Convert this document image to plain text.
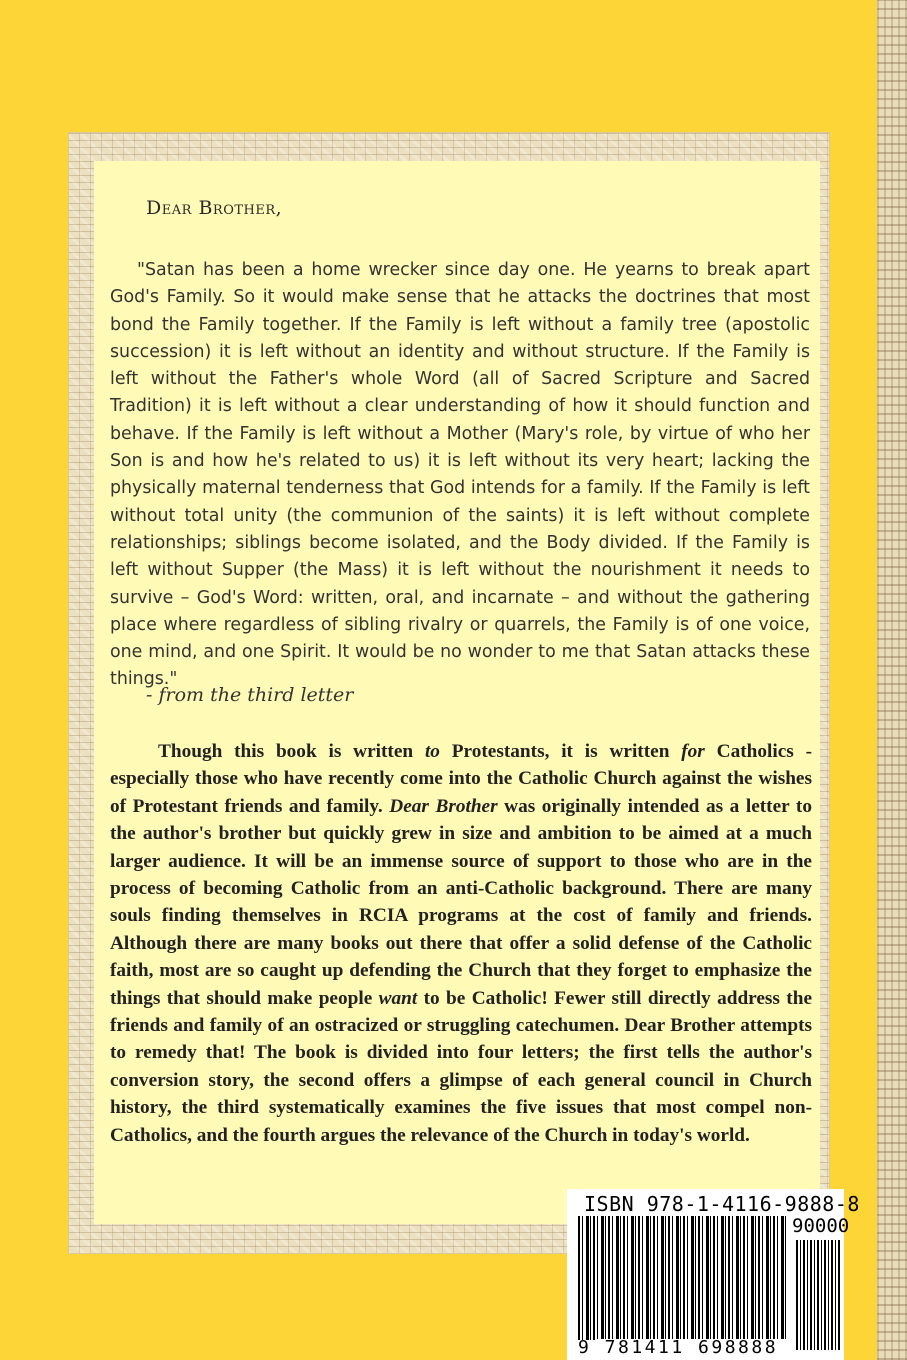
Dear Brother,

"Satan has been a home wrecker since day one. He yearns to break apart God's Family. So it would make sense that he attacks the doctrines that most bond the Family together. If the Family is left without a family tree (apostolic succession) it is left without an identity and without structure. If the Family is left without the Father's whole Word (all of Sacred Scripture and Sacred Tradition) it is left without a clear understanding of how it should function and behave. If the Family is left without a Mother (Mary's role, by virtue of who her Son is and how he's related to us) it is left without its very heart; lacking the physically maternal tenderness that God intends for a family. If the Family is left without total unity (the communion of the saints) it is left without complete relationships; siblings become isolated, and the Body divided. If the Family is left without Supper (the Mass) it is left without the nourishment it needs to survive – God's Word: written, oral, and incarnate – and without the gathering place where regardless of sibling rivalry or quarrels, the Family is of one voice, one mind, and one Spirit. It would be no wonder to me that Satan attacks these things."

- from the third letter

Though this book is written to Protestants, it is written for Catholics - especially those who have recently come into the Catholic Church against the wishes of Protestant friends and family. Dear Brother was originally intended as a letter to the author's brother but quickly grew in size and ambition to be aimed at a much larger audience. It will be an immense source of support to those who are in the process of becoming Catholic from an anti-Catholic background. There are many souls finding themselves in RCIA programs at the cost of family and friends. Although there are many books out there that offer a solid defense of the Catholic faith, most are so caught up defending the Church that they forget to emphasize the things that should make people want to be Catholic! Fewer still directly address the friends and family of an ostracized or struggling catechumen. Dear Brother attempts to remedy that! The book is divided into four letters; the first tells the author's conversion story, the second offers a glimpse of each general council in Church history, the third systematically examines the five issues that most compel non-Catholics, and the fourth argues the relevance of the Church in today's world.

ISBN 978-1-4116-9888-8
90000
9 781411 698888
